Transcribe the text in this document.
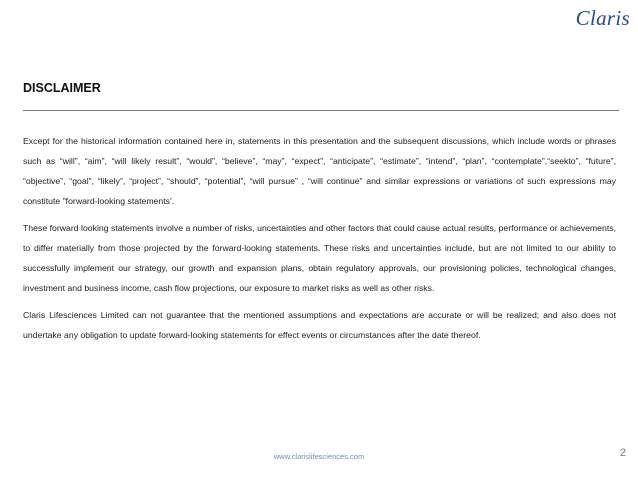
Claris
DISCLAIMER

Except for the historical information contained here in, statements in this presentation and the subsequent discussions, which include words or phrases such as “will”, “aim”, “will likely result”, “would”, “believe”, “may”, “expect”, “anticipate”, “estimate”, “intend”, “plan”, “contemplate”,“seekto”, “future”, “objective”, “goal”, “likely”, “project”, “should”, “potential”, “will pursue” , “will continue” and similar expressions or variations of such expressions may constitute "forward-looking statements'.

These forward looking statements involve a number of risks, uncertainties and other factors that could cause actual results, performance or achievements, to differ materially from those projected by the forward-looking statements. These risks and uncertainties include, but are not limited to our ability to successfully implement our strategy, our growth and expansion plans, obtain regulatory approvals, our provisioning policies, technological changes, investment and business income, cash flow projections, our exposure to market risks as well as other risks.

Claris Lifesciences Limited can not guarantee that the mentioned assumptions and expectations are accurate or will be realized; and also does not undertake any obligation to update forward-looking statements for effect events or circumstances after the date thereof.

www.clarislifesciences.com	2
